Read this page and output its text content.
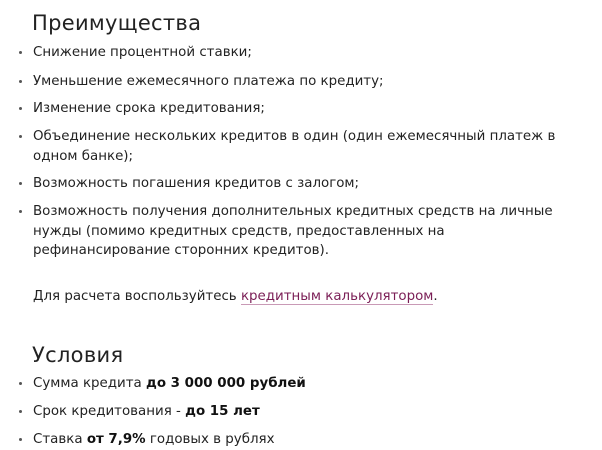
Преимущества
Снижение процентной ставки;
Уменьшение ежемесячного платежа по кредиту;
Изменение срока кредитования;
Объединение нескольких кредитов в один (один ежемесячный платеж в одном банке);
Возможность погашения кредитов с залогом;
Возможность получения дополнительных кредитных средств на личные нужды (помимо кредитных средств, предоставленных на рефинансирование сторонних кредитов).
Для расчета воспользуйтесь кредитным калькулятором.
Условия
Сумма кредита до 3 000 000 рублей
Срок кредитования - до 15 лет
Ставка от 7,9% годовых в рублях
